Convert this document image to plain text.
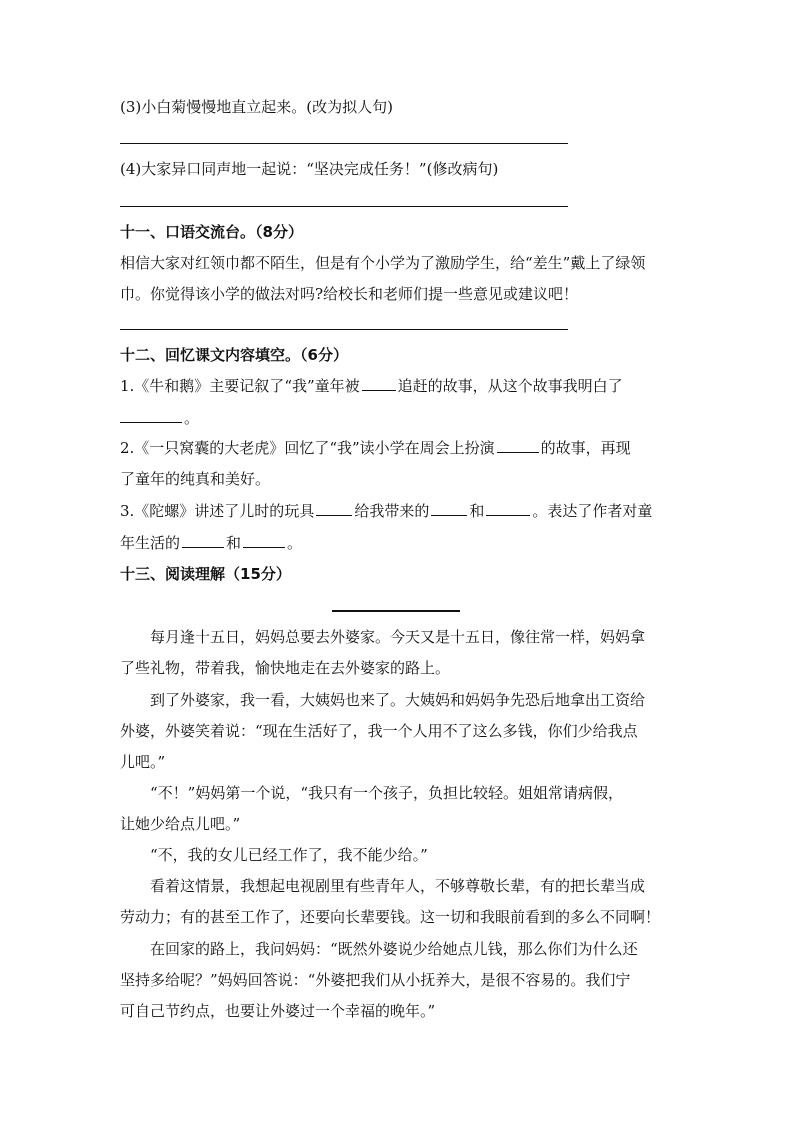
(3)小白菊慢慢地直立起来。(改为拟人句)
(4)大家异口同声地一起说：“坚决完成任务！”(修改病句)
十一、口语交流台。（8分）
相信大家对红领巾都不陌生，但是有个小学为了激励学生，给“差生”戴上了绿领
巾。你觉得该小学的做法对吗?给校长和老师们提一些意见或建议吧！
十二、回忆课文内容填空。（6分）
1.《牛和鹅》主要记叙了“我”童年被	追赶的故事，从这个故事我明白了
。
2.《一只窝囊的大老虎》回忆了“我”读小学在周会上扮演	的故事，再现
了童年的纯真和美好。
3.《陀螺》讲述了儿时的玩具	给我带来的	和	。表达了作者对童
年生活的	和	。
十三、阅读理解（15分）
每月逢十五日，妈妈总要去外婆家。今天又是十五日，像往常一样，妈妈拿
了些礼物，带着我，愉快地走在去外婆家的路上。
到了外婆家，我一看，大姨妈也来了。大姨妈和妈妈争先恐后地拿出工资给
外婆，外婆笑着说：“现在生活好了，我一个人用不了这么多钱，你们少给我点
儿吧。”
“不！”妈妈第一个说，“我只有一个孩子，负担比较轻。姐姐常请病假，
让她少给点儿吧。”
“不，我的女儿已经工作了，我不能少给。”
看着这情景，我想起电视剧里有些青年人，不够尊敬长辈，有的把长辈当成
劳动力；有的甚至工作了，还要向长辈要钱。这一切和我眼前看到的多么不同啊！
在回家的路上，我问妈妈：“既然外婆说少给她点儿钱，那么你们为什么还
坚持多给呢？”妈妈回答说：“外婆把我们从小抚养大，是很不容易的。我们宁
可自己节约点，也要让外婆过一个幸福的晚年。”
